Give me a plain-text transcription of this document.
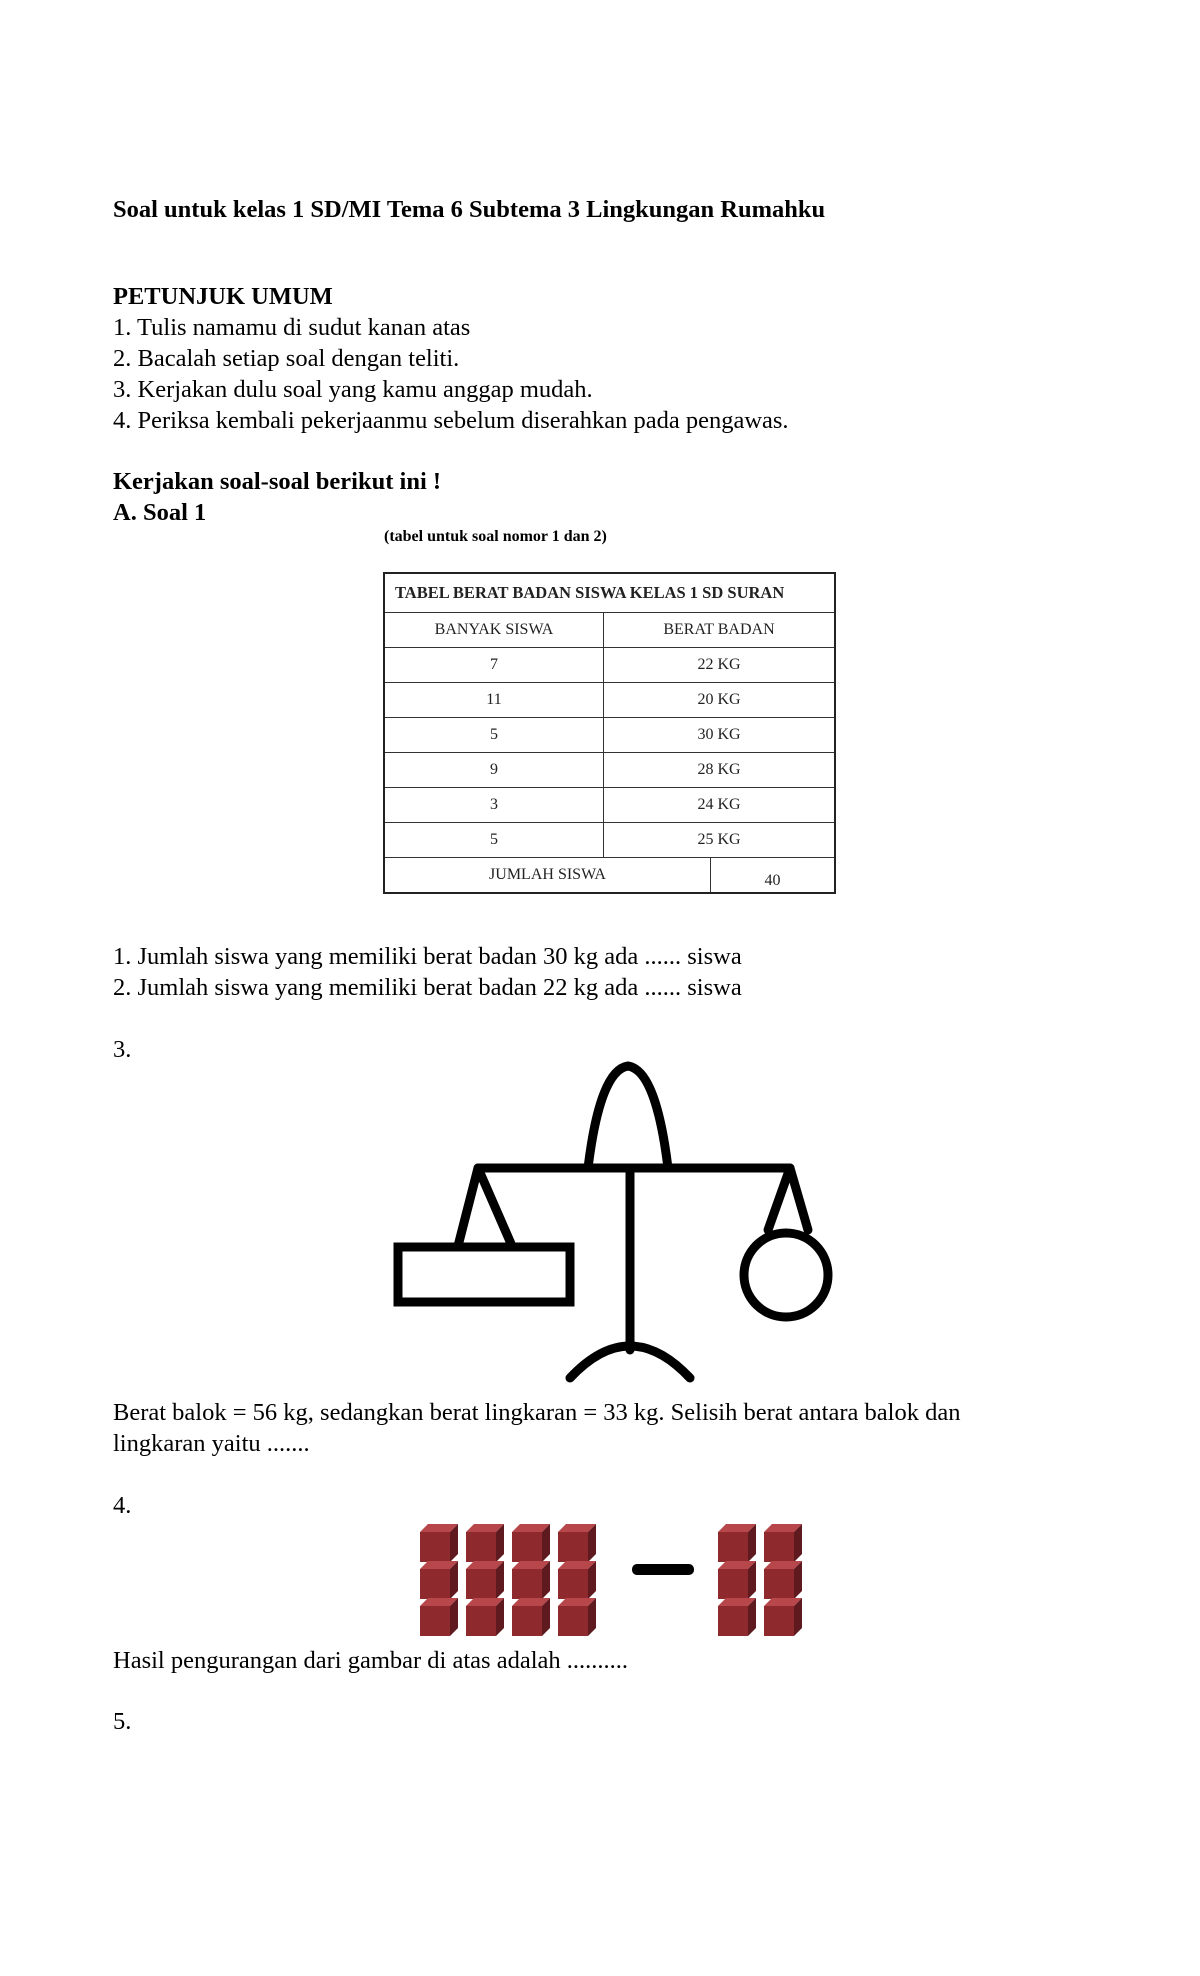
Soal untuk kelas 1 SD/MI Tema 6 Subtema 3 Lingkungan Rumahku
PETUNJUK UMUM
1. Tulis namamu di sudut kanan atas
2. Bacalah setiap soal dengan teliti.
3. Kerjakan dulu soal yang kamu anggap mudah.
4. Periksa kembali pekerjaanmu sebelum diserahkan pada pengawas.
Kerjakan soal-soal berikut ini !
A. Soal 1
(tabel untuk soal nomor 1 dan 2)
TABEL BERAT BADAN SISWA KELAS 1 SD SURAN
BANYAK SISWA	BERAT BADAN
7	22 KG
11	20 KG
5	30 KG
9	28 KG
3	24 KG
5	25 KG
JUMLAH SISWA	40
1. Jumlah siswa yang memiliki berat badan 30 kg ada ...... siswa
2. Jumlah siswa yang memiliki berat badan 22 kg ada ...... siswa
3.
Berat balok = 56 kg, sedangkan berat lingkaran = 33 kg. Selisih berat antara balok dan
lingkaran yaitu .......
4.
Hasil pengurangan dari gambar di atas adalah ..........
5.
